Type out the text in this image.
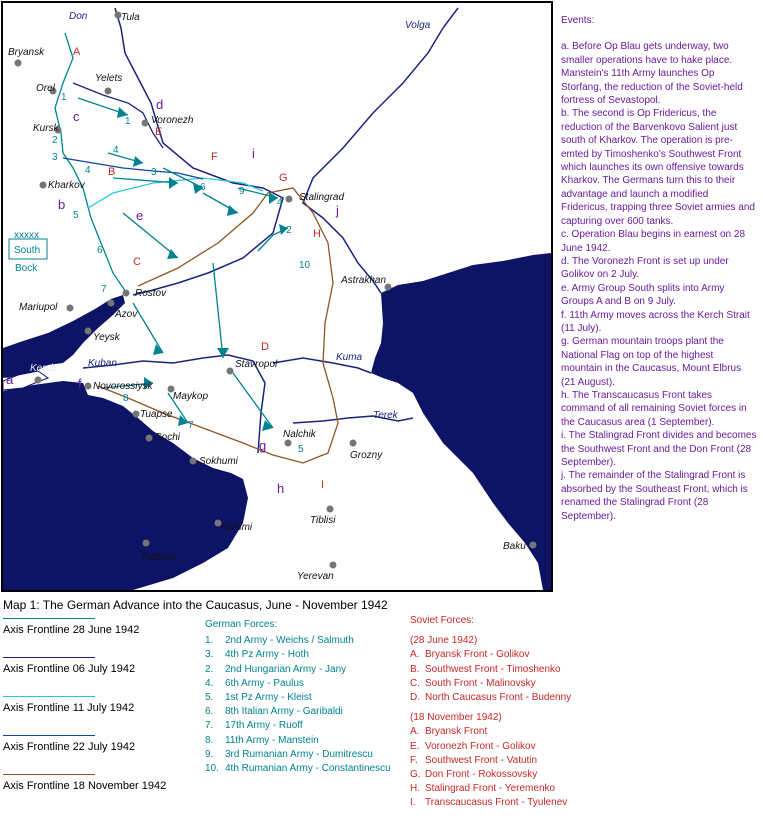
Tula
Bryansk
Orel
Yelets
Voronezh
Kursk
Kharkov
Stalingrad
Rostov
Azov
Mariupol
Yeysk
Kerch
Novorossiysk
Maykop
Tuapse
Sochi
Sokhumi
Batumi
Trabzon
Stavropol
Nalchik
Grozny
Tiblisi
Yerevan
Astrakhan
Baku
Don
Volga
Kuban
Kuma
Terek
A
B
C
D
E
F
G
H
I
a
b
c
d
e
f
g
h
i
j
1
1
2
3
3
4
4
5
6
6
7
7
8
9
10
2
4
5
xxxxx
South
Bock

Events:

a. Before Op Blau gets underway, two smaller operations have to hake place. Manstein's 11th Army launches Op Storfang, the reduction of the Soviet-held fortress of Sevastopol.

b. The second is Op Fridericus, the reduction of the Barvenkovo Salient just south of Kharkov. The operation is pre-emted by Timoshenko's Southwest Front which launches its own offensive towards Kharkov. The Germans turn this to their advantage and launch a modified Fridericus, trapping three Soviet armies and capturing over 600 tanks.

c. Operation Blau begins in earnest on 28 June 1942.

d. The Voronezh Front is set up under Golikov on 2 July.

e. Army Group South splits into Army Groups A and B on 9 July.

f. 11th Army moves across the Kerch Strait (11 July).

g. German mountain troops plant the National Flag on top of the highest mountain in the Caucasus, Mount Elbrus (21 August).

h. The Transcaucasus Front takes command of all remaining Soviet forces in the Caucasus area (1 September).

i. The Stalingrad Front divides and becomes the Southwest Front and the Don Front (28 September).

j. The remainder of the Stalingrad Front is absorbed by the Southeast Front, which is renamed the Stalingrad Front (28 September).

Map 1: The German Advance into the Caucasus, June - November 1942
Axis Frontline 28 June 1942
Axis Frontline 06 July 1942
Axis Frontline 11 July 1942
Axis Frontline 22 July 1942
Axis Frontline 18 November 1942
German Forces:
1. 2nd Army - Weichs / Salmuth
3. 4th Pz Army - Hoth
2. 2nd Hungarian Army - Jany
4. 6th Army - Paulus
5. 1st Pz Army - Kleist
6. 8th Italian Army - Garibaldi
7. 17th Army - Ruoff
8. 11th Army - Manstein
9. 3rd Rumanian Army - Dumitrescu
10. 4th Rumanian Army - Constantinescu
Soviet Forces:
(28 June 1942)
A. Bryansk Front - Golikov
B. Southwest Front - Timoshenko
C. South Front - Malinovsky
D. North Caucasus Front - Budenny
(18 November 1942)
A. Bryansk Front
E. Voronezh Front - Golikov
F. Southwest Front - Vatutin
G. Don Front - Rokossovsky
H. Stalingrad Front - Yeremenko
I. Transcaucasus Front - Tyulenev
